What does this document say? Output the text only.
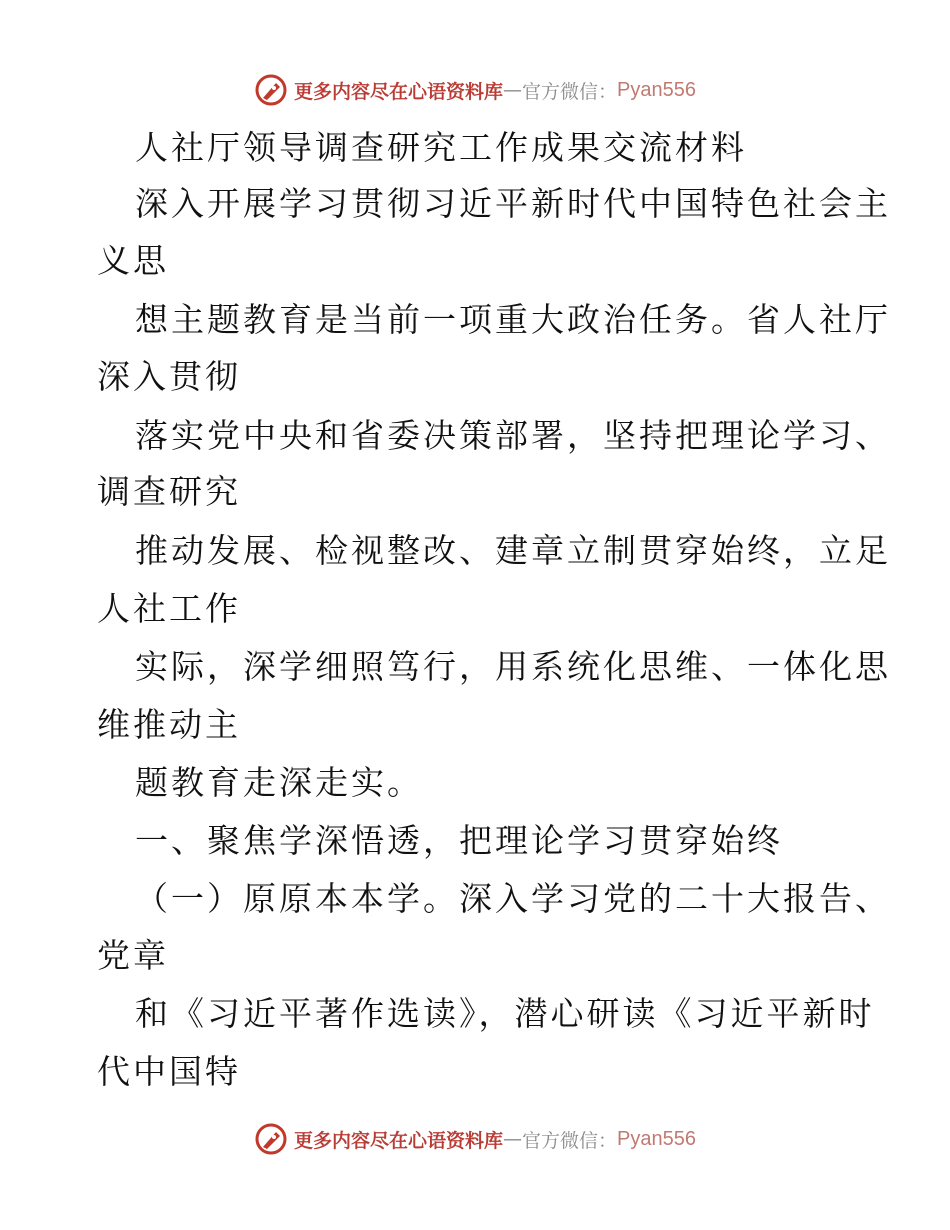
更多内容尽在心语资料库 — 官方微信： Pyan556
人社厅领导调查研究工作成果交流材料
深入开展学习贯彻习近平新时代中国特色社会主
义思
想主题教育是当前一项重大政治任务。省人社厅
深入贯彻
落实党中央和省委决策部署，坚持把理论学习、
调查研究
推动发展、检视整改、建章立制贯穿始终，立足
人社工作
实际，深学细照笃行，用系统化思维、一体化思
维推动主
题教育走深走实。
一、聚焦学深悟透，把理论学习贯穿始终
（一）原原本本学。深入学习党的二十大报告、
党章
和《习近平著作选读》，潜心研读《习近平新时
代中国特
更多内容尽在心语资料库 — 官方微信： Pyan556
